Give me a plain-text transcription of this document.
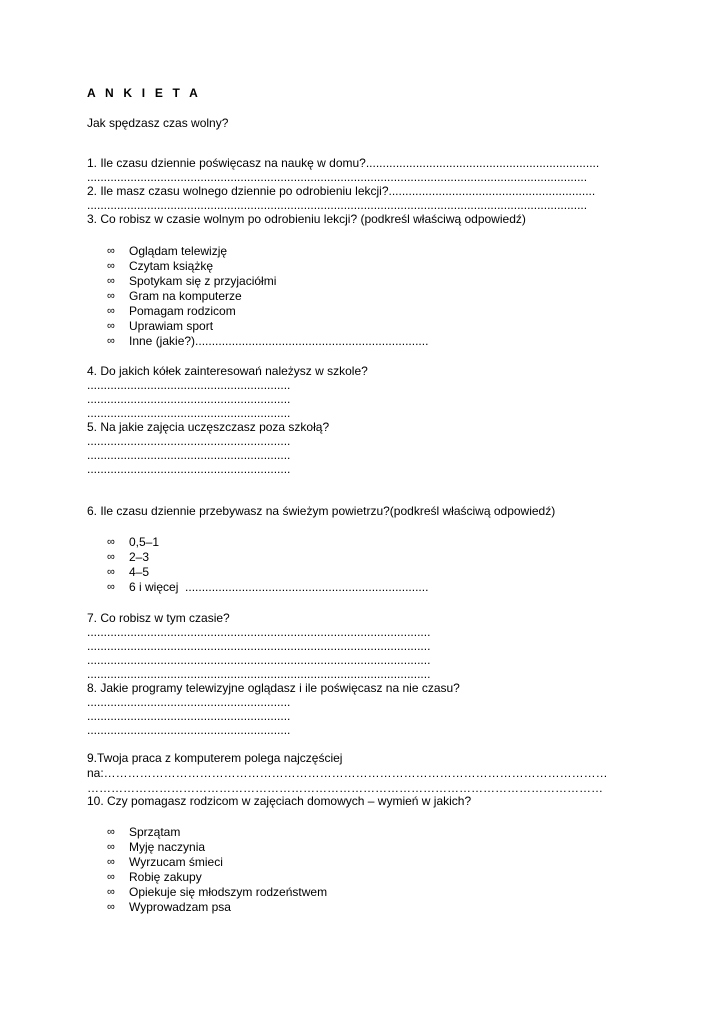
A N K I E T A
Jak spędzasz czas wolny?
1. Ile czasu dziennie poświęcasz na naukę w domu?......................................................................
......................................................................................................................................................
2. Ile masz czasu wolnego dziennie po odrobieniu lekcji?..............................................................
......................................................................................................................................................
3. Co robisz w czasie wolnym po odrobieniu lekcji? (podkreśl właściwą odpowiedź)
∞ Oglądam telewizję
∞ Czytam książkę
∞ Spotykam się z przyjaciółmi
∞ Gram na komputerze
∞ Pomagam rodzicom
∞ Uprawiam sport
∞ Inne (jakie?)......................................................................
4. Do jakich kółek zainteresowań należysz w szkole?
.............................................................
.............................................................
.............................................................
5. Na jakie zajęcia uczęszczasz poza szkołą?
.............................................................
.............................................................
.............................................................
6. Ile czasu dziennie przebywasz na świeżym powietrzu?(podkreśl właściwą odpowiedź)
∞ 0,5–1
∞ 2–3
∞ 4–5
∞ 6 i więcej  .........................................................................
7. Co robisz w tym czasie?
.......................................................................................................
.......................................................................................................
.......................................................................................................
.......................................................................................................
8. Jakie programy telewizyjne oglądasz i ile poświęcasz na nie czasu?
.............................................................
.............................................................
.............................................................
9.Twoja praca z komputerem polega najczęściej
na:………………………………………………………………………………………………………………
…………………………………………………………………………………………………………………
10. Czy pomagasz rodzicom w zajęciach domowych – wymień w jakich?
∞ Sprzątam
∞ Myję naczynia
∞ Wyrzucam śmieci
∞ Robię zakupy
∞ Opiekuje się młodszym rodzeństwem
∞ Wyprowadzam psa
